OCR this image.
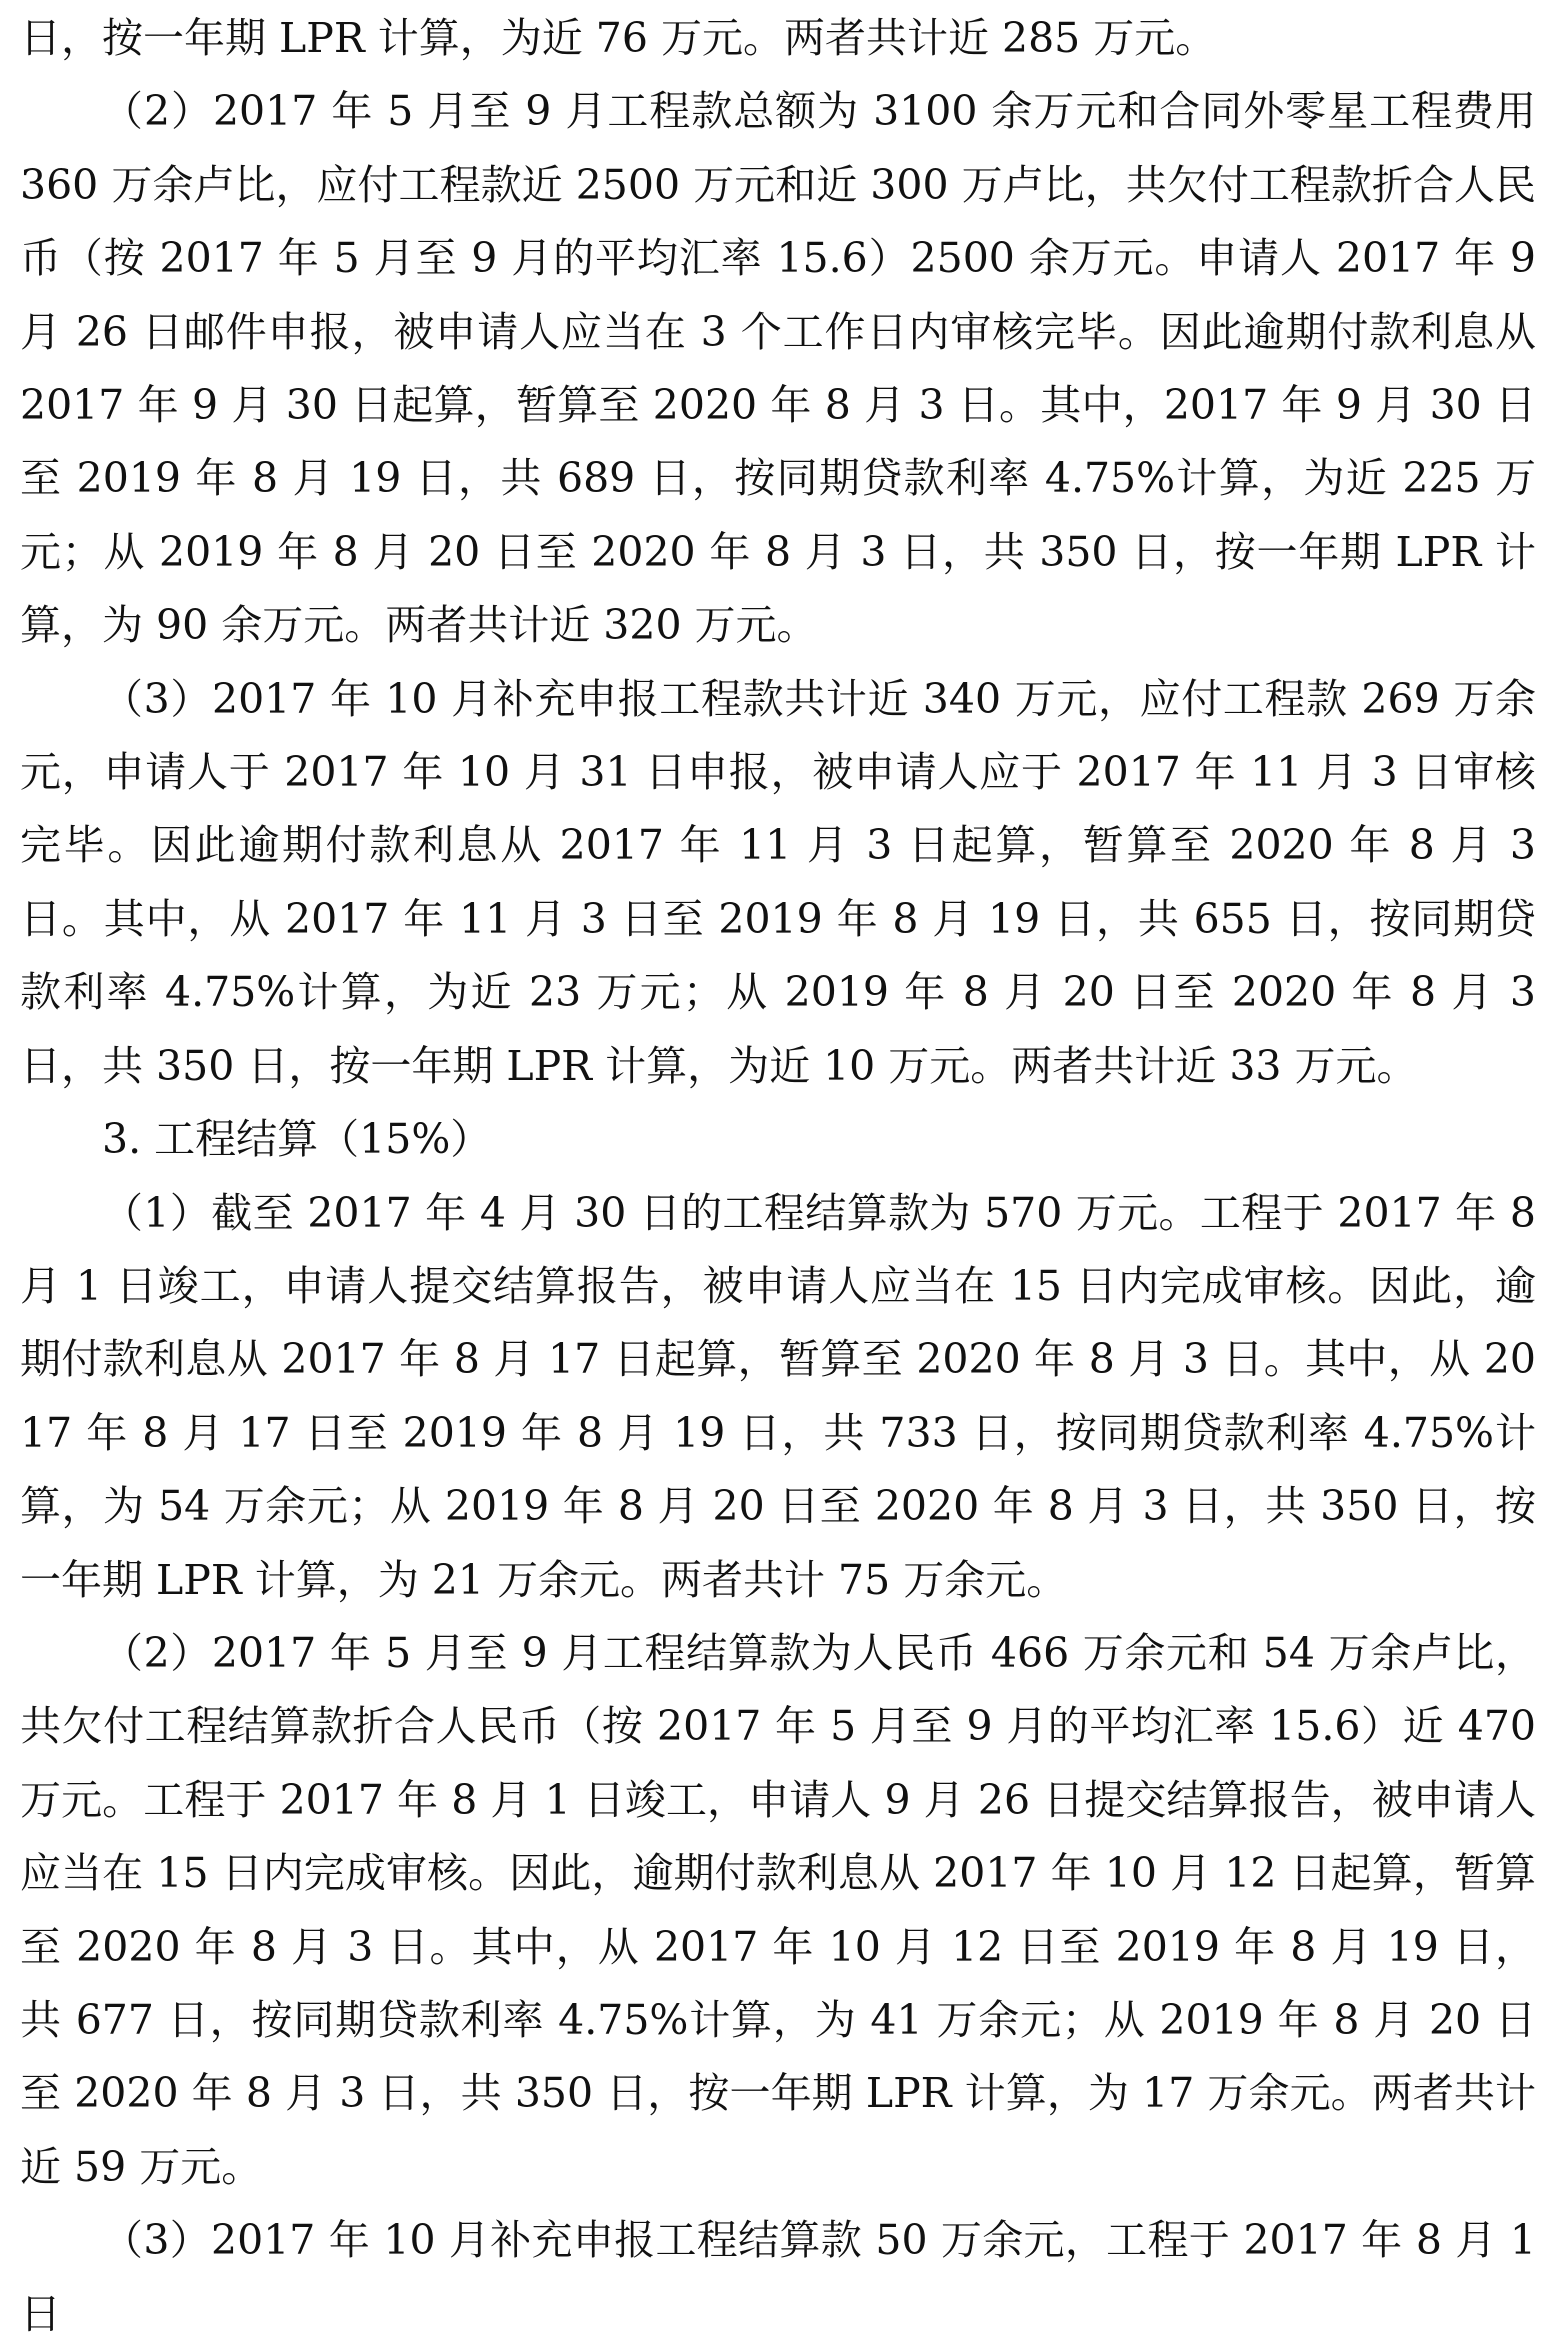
日，按一年期 LPR 计算，为近 76 万元。两者共计近 285 万元。

（2）2017 年 5 月至 9 月工程款总额为 3100 余万元和合同外零星工程费用 360 万余卢比，应付工程款近 2500 万元和近 300 万卢比，共欠付工程款折合人民币（按 2017 年 5 月至 9 月的平均汇率 15.6）2500 余万元。申请人 2017 年 9 月 26 日邮件申报，被申请人应当在 3 个工作日内审核完毕。因此逾期付款利息从 2017 年 9 月 30 日起算，暂算至 2020 年 8 月 3 日。其中，2017 年 9 月 30 日至 2019 年 8 月 19 日，共 689 日，按同期贷款利率 4.75%计算，为近 225 万元；从 2019 年 8 月 20 日至 2020 年 8 月 3 日，共 350 日，按一年期 LPR 计算，为 90 余万元。两者共计近 320 万元。

（3）2017 年 10 月补充申报工程款共计近 340 万元，应付工程款 269 万余元，申请人于 2017 年 10 月 31 日申报，被申请人应于 2017 年 11 月 3 日审核完毕。因此逾期付款利息从 2017 年 11 月 3 日起算，暂算至 2020 年 8 月 3 日。其中，从 2017 年 11 月 3 日至 2019 年 8 月 19 日，共 655 日，按同期贷款利率 4.75%计算，为近 23 万元；从 2019 年 8 月 20 日至 2020 年 8 月 3 日，共 350 日，按一年期 LPR 计算，为近 10 万元。两者共计近 33 万元。

3. 工程结算（15%）

（1）截至 2017 年 4 月 30 日的工程结算款为 570 万元。工程于 2017 年 8 月 1 日竣工，申请人提交结算报告，被申请人应当在 15 日内完成审核。因此，逾期付款利息从 2017 年 8 月 17 日起算，暂算至 2020 年 8 月 3 日。其中，从 2017 年 8 月 17 日至 2019 年 8 月 19 日，共 733 日，按同期贷款利率 4.75%计算，为 54 万余元；从 2019 年 8 月 20 日至 2020 年 8 月 3 日，共 350 日，按一年期 LPR 计算，为 21 万余元。两者共计 75 万余元。

（2）2017 年 5 月至 9 月工程结算款为人民币 466 万余元和 54 万余卢比，共欠付工程结算款折合人民币（按 2017 年 5 月至 9 月的平均汇率 15.6）近 470 万元。工程于 2017 年 8 月 1 日竣工，申请人 9 月 26 日提交结算报告，被申请人应当在 15 日内完成审核。因此，逾期付款利息从 2017 年 10 月 12 日起算，暂算至 2020 年 8 月 3 日。其中，从 2017 年 10 月 12 日至 2019 年 8 月 19 日，共 677 日，按同期贷款利率 4.75%计算，为 41 万余元；从 2019 年 8 月 20 日至 2020 年 8 月 3 日，共 350 日，按一年期 LPR 计算，为 17 万余元。两者共计近 59 万元。

（3）2017 年 10 月补充申报工程结算款 50 万余元，工程于 2017 年 8 月 1 日
